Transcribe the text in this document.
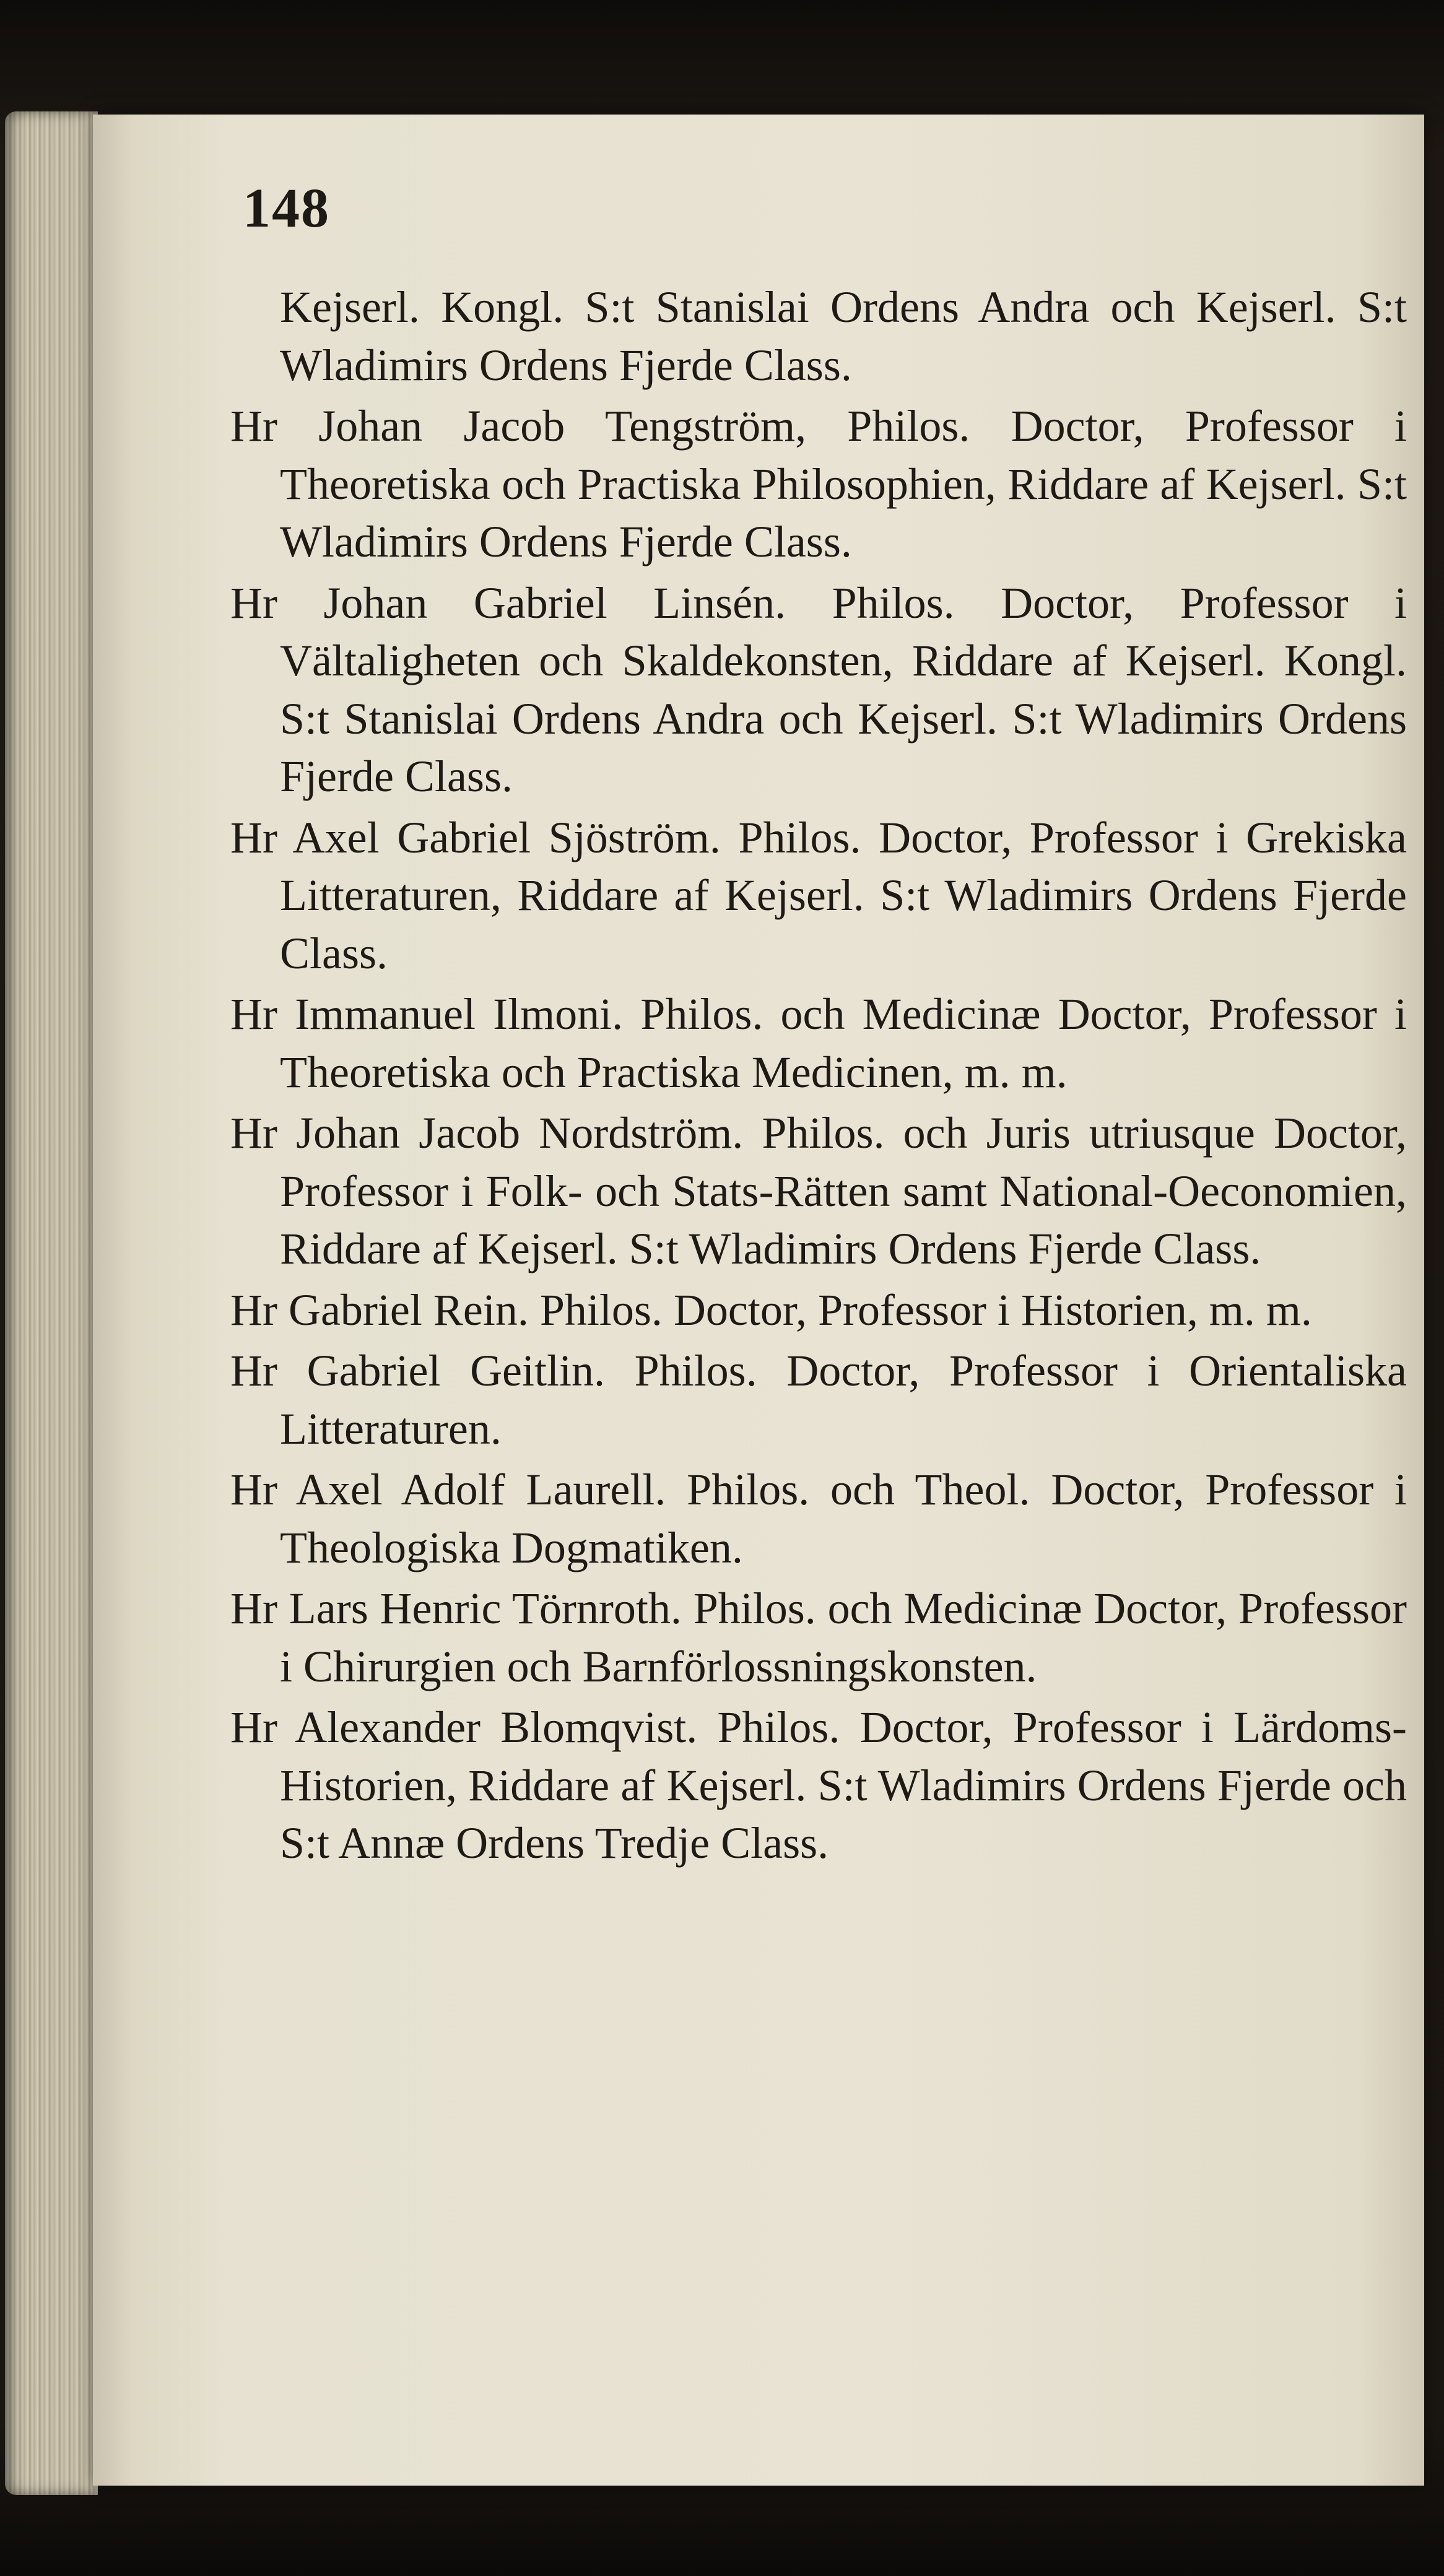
148

Kejserl. Kongl. S:t Stanislai Ordens Andra och Kejserl. S:t Wladimirs Ordens Fjerde Class.

Hr Johan Jacob Tengström, Philos. Doctor, Professor i Theoretiska och Practiska Philosophien, Riddare af Kejserl. S:t Wladimirs Ordens Fjerde Class.

Hr Johan Gabriel Linsén. Philos. Doctor, Professor i Vältaligheten och Skaldekonsten, Riddare af Kejserl. Kongl. S:t Stanislai Ordens Andra och Kejserl. S:t Wladimirs Ordens Fjerde Class.

Hr Axel Gabriel Sjöström. Philos. Doctor, Professor i Grekiska Litteraturen, Riddare af Kejserl. S:t Wladimirs Ordens Fjerde Class.

Hr Immanuel Ilmoni. Philos. och Medicinæ Doctor, Professor i Theoretiska och Practiska Medicinen, m. m.

Hr Johan Jacob Nordström. Philos. och Juris utriusque Doctor, Professor i Folk- och Stats-Rätten samt National-Oeconomien, Riddare af Kejserl. S:t Wladimirs Ordens Fjerde Class.

Hr Gabriel Rein. Philos. Doctor, Professor i Historien, m. m.

Hr Gabriel Geitlin. Philos. Doctor, Professor i Orientaliska Litteraturen.

Hr Axel Adolf Laurell. Philos. och Theol. Doctor, Professor i Theologiska Dogmatiken.

Hr Lars Henric Törnroth. Philos. och Medicinæ Doctor, Professor i Chirurgien och Barnförlossningskonsten.

Hr Alexander Blomqvist. Philos. Doctor, Professor i Lärdoms-Historien, Riddare af Kejserl. S:t Wladimirs Ordens Fjerde och S:t Annæ Ordens Tredje Class.
